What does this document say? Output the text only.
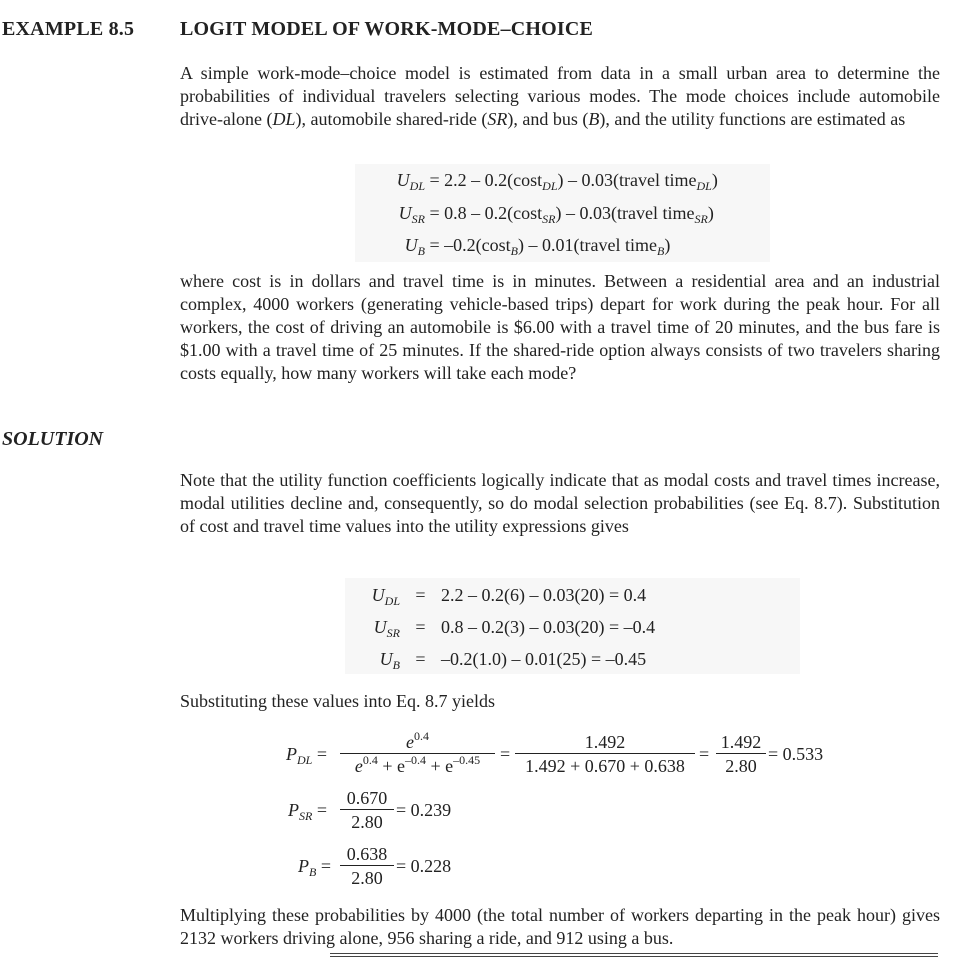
EXAMPLE 8.5 LOGIT MODEL OF WORK-MODE–CHOICE

A simple work-mode–choice model is estimated from data in a small urban area to determine the probabilities of individual travelers selecting various modes. The mode choices include automobile drive-alone (DL), automobile shared-ride (SR), and bus (B), and the utility functions are estimated as

$U_{DL} = 2.2 - 0.2(\cos t_{DL})$ – 0.03(travel time$_{DL}$)
$U_{SR} = 0.8 - 0.2(\cos t_{SR})$ – 0.03(travel time$_{SR}$)
$U_B = -0.2(\cos t_B)$ – 0.01(travel time$_B$)

where cost is in dollars and travel time is in minutes. Between a residential area and an industrial complex, 4000 workers (generating vehicle-based trips) depart for work during the peak hour. For all workers, the cost of driving an automobile is $6.00 with a travel time of 20 minutes, and the bus fare is $1.00 with a travel time of 25 minutes. If the shared-ride option always consists of two travelers sharing costs equally, how many workers will take each mode?

SOLUTION

Note that the utility function coefficients logically indicate that as modal costs and travel times increase, modal utilities decline and, consequently, so do modal selection probabilities (see Eq. 8.7). Substitution of cost and travel time values into the utility expressions gives

$U_{DL} = 2.2 - 0.2(6) - 0.03(20) = 0.4$
$U_{SR} = 0.8 - 0.2(3) - 0.03(20) = -0.4$
$U_B = -0.2(1.0) - 0.01(25) = -0.45$

Substituting these values into Eq. 8.7 yields

$P_{DL} = \frac{e^{0.4}}{e^{0.4} + e^{-0.4} + e^{-0.45}} = \frac{1.492}{1.492 + 0.670 + 0.638} = \frac{1.492}{2.80} = 0.533$
$P_{SR} = \frac{0.670}{2.80} = 0.239$
$P_B = \frac{0.638}{2.80} = 0.228$

Multiplying these probabilities by 4000 (the total number of workers departing in the peak hour) gives 2132 workers driving alone, 956 sharing a ride, and 912 using a bus.
